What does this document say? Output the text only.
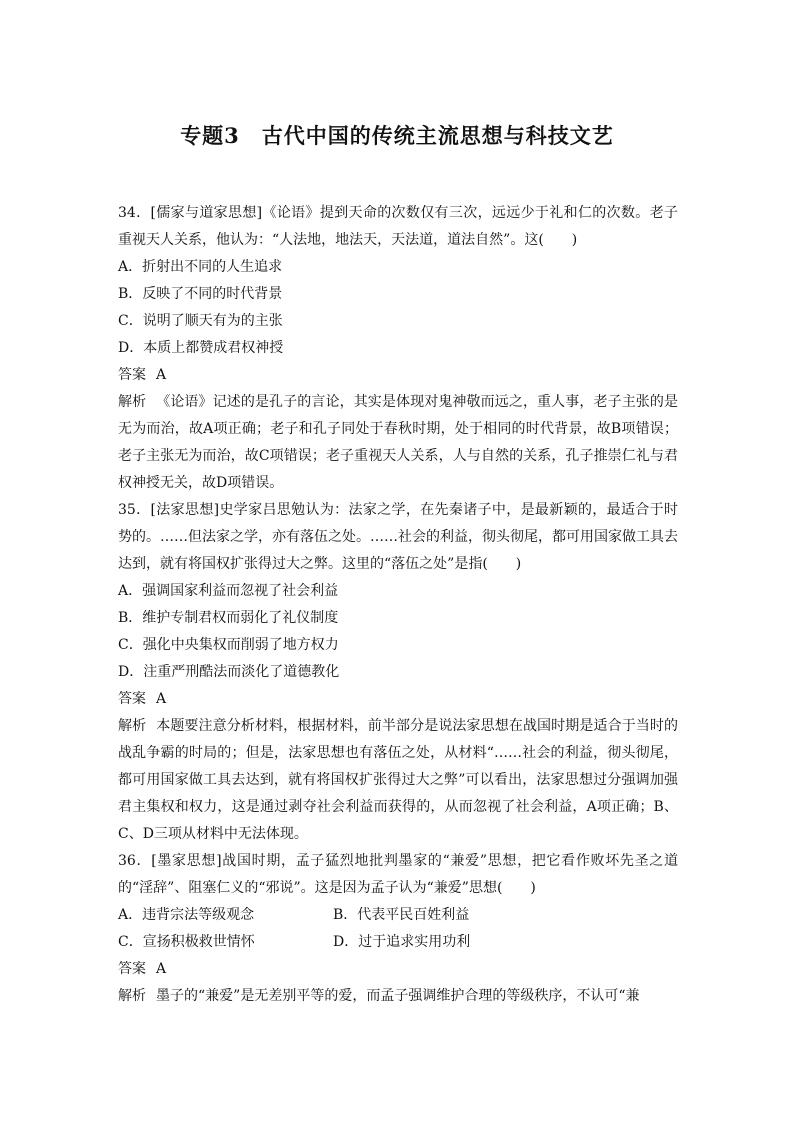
专题3　古代中国的传统主流思想与科技文艺
34．[儒家与道家思想]《论语》提到天命的次数仅有三次，远远少于礼和仁的次数。老子重视天人关系，他认为：“人法地，地法天，天法道，道法自然”。这(　　)
A．折射出不同的人生追求
B．反映了不同的时代背景
C．说明了顺天有为的主张
D．本质上都赞成君权神授
答案 A
解析 《论语》记述的是孔子的言论，其实是体现对鬼神敬而远之，重人事，老子主张的是无为而治，故A项正确；老子和孔子同处于春秋时期，处于相同的时代背景，故B项错误；老子主张无为而治，故C项错误；老子重视天人关系，人与自然的关系，孔子推崇仁礼与君权神授无关，故D项错误。
35．[法家思想]史学家吕思勉认为：法家之学，在先秦诸子中，是最新颖的，最适合于时势的。……但法家之学，亦有落伍之处。……社会的利益，彻头彻尾，都可用国家做工具去达到，就有将国权扩张得过大之弊。这里的“落伍之处”是指(　　)
A．强调国家利益而忽视了社会利益
B．维护专制君权而弱化了礼仪制度
C．强化中央集权而削弱了地方权力
D．注重严刑酷法而淡化了道德教化
答案 A
解析 本题要注意分析材料，根据材料，前半部分是说法家思想在战国时期是适合于当时的战乱争霸的时局的；但是，法家思想也有落伍之处，从材料“……社会的利益，彻头彻尾，都可用国家做工具去达到，就有将国权扩张得过大之弊”可以看出，法家思想过分强调加强君主集权和权力，这是通过剥夺社会利益而获得的，从而忽视了社会利益，A项正确；B、C、D三项从材料中无法体现。
36．[墨家思想]战国时期，孟子猛烈地批判墨家的“兼爱”思想，把它看作败坏先圣之道的“淫辞”、阻塞仁义的“邪说”。这是因为孟子认为“兼爱”思想(　　)
A．违背宗法等级观念	B．代表平民百姓利益
C．宣扬积极救世情怀	D．过于追求实用功利
答案 A
解析 墨子的“兼爱”是无差别平等的爱，而孟子强调维护合理的等级秩序，不认可“兼
